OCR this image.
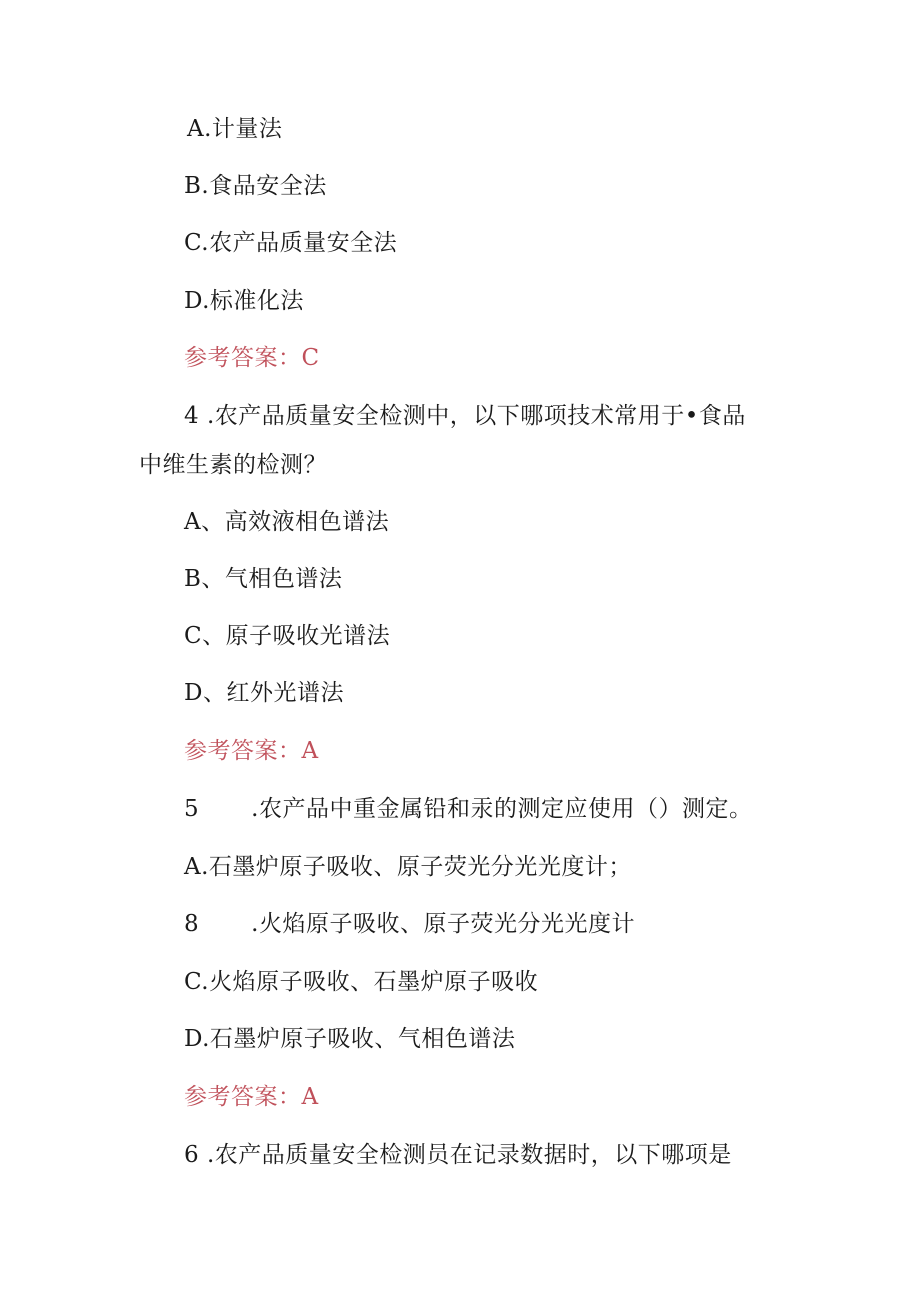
A.计量法
B.食品安全法
C.农产品质量安全法
D.标准化法
参考答案：C
4 .农产品质量安全检测中，以下哪项技术常用于•食品
中维生素的检测？
A、高效液相色谱法
B、气相色谱法
C、原子吸收光谱法
D、红外光谱法
参考答案：A
5 .农产品中重金属铅和汞的测定应使用（）测定。
A.石墨炉原子吸收、原子荧光分光光度计；
8 .火焰原子吸收、原子荧光分光光度计
C.火焰原子吸收、石墨炉原子吸收
D.石墨炉原子吸收、气相色谱法
参考答案：A
6 .农产品质量安全检测员在记录数据时，以下哪项是
